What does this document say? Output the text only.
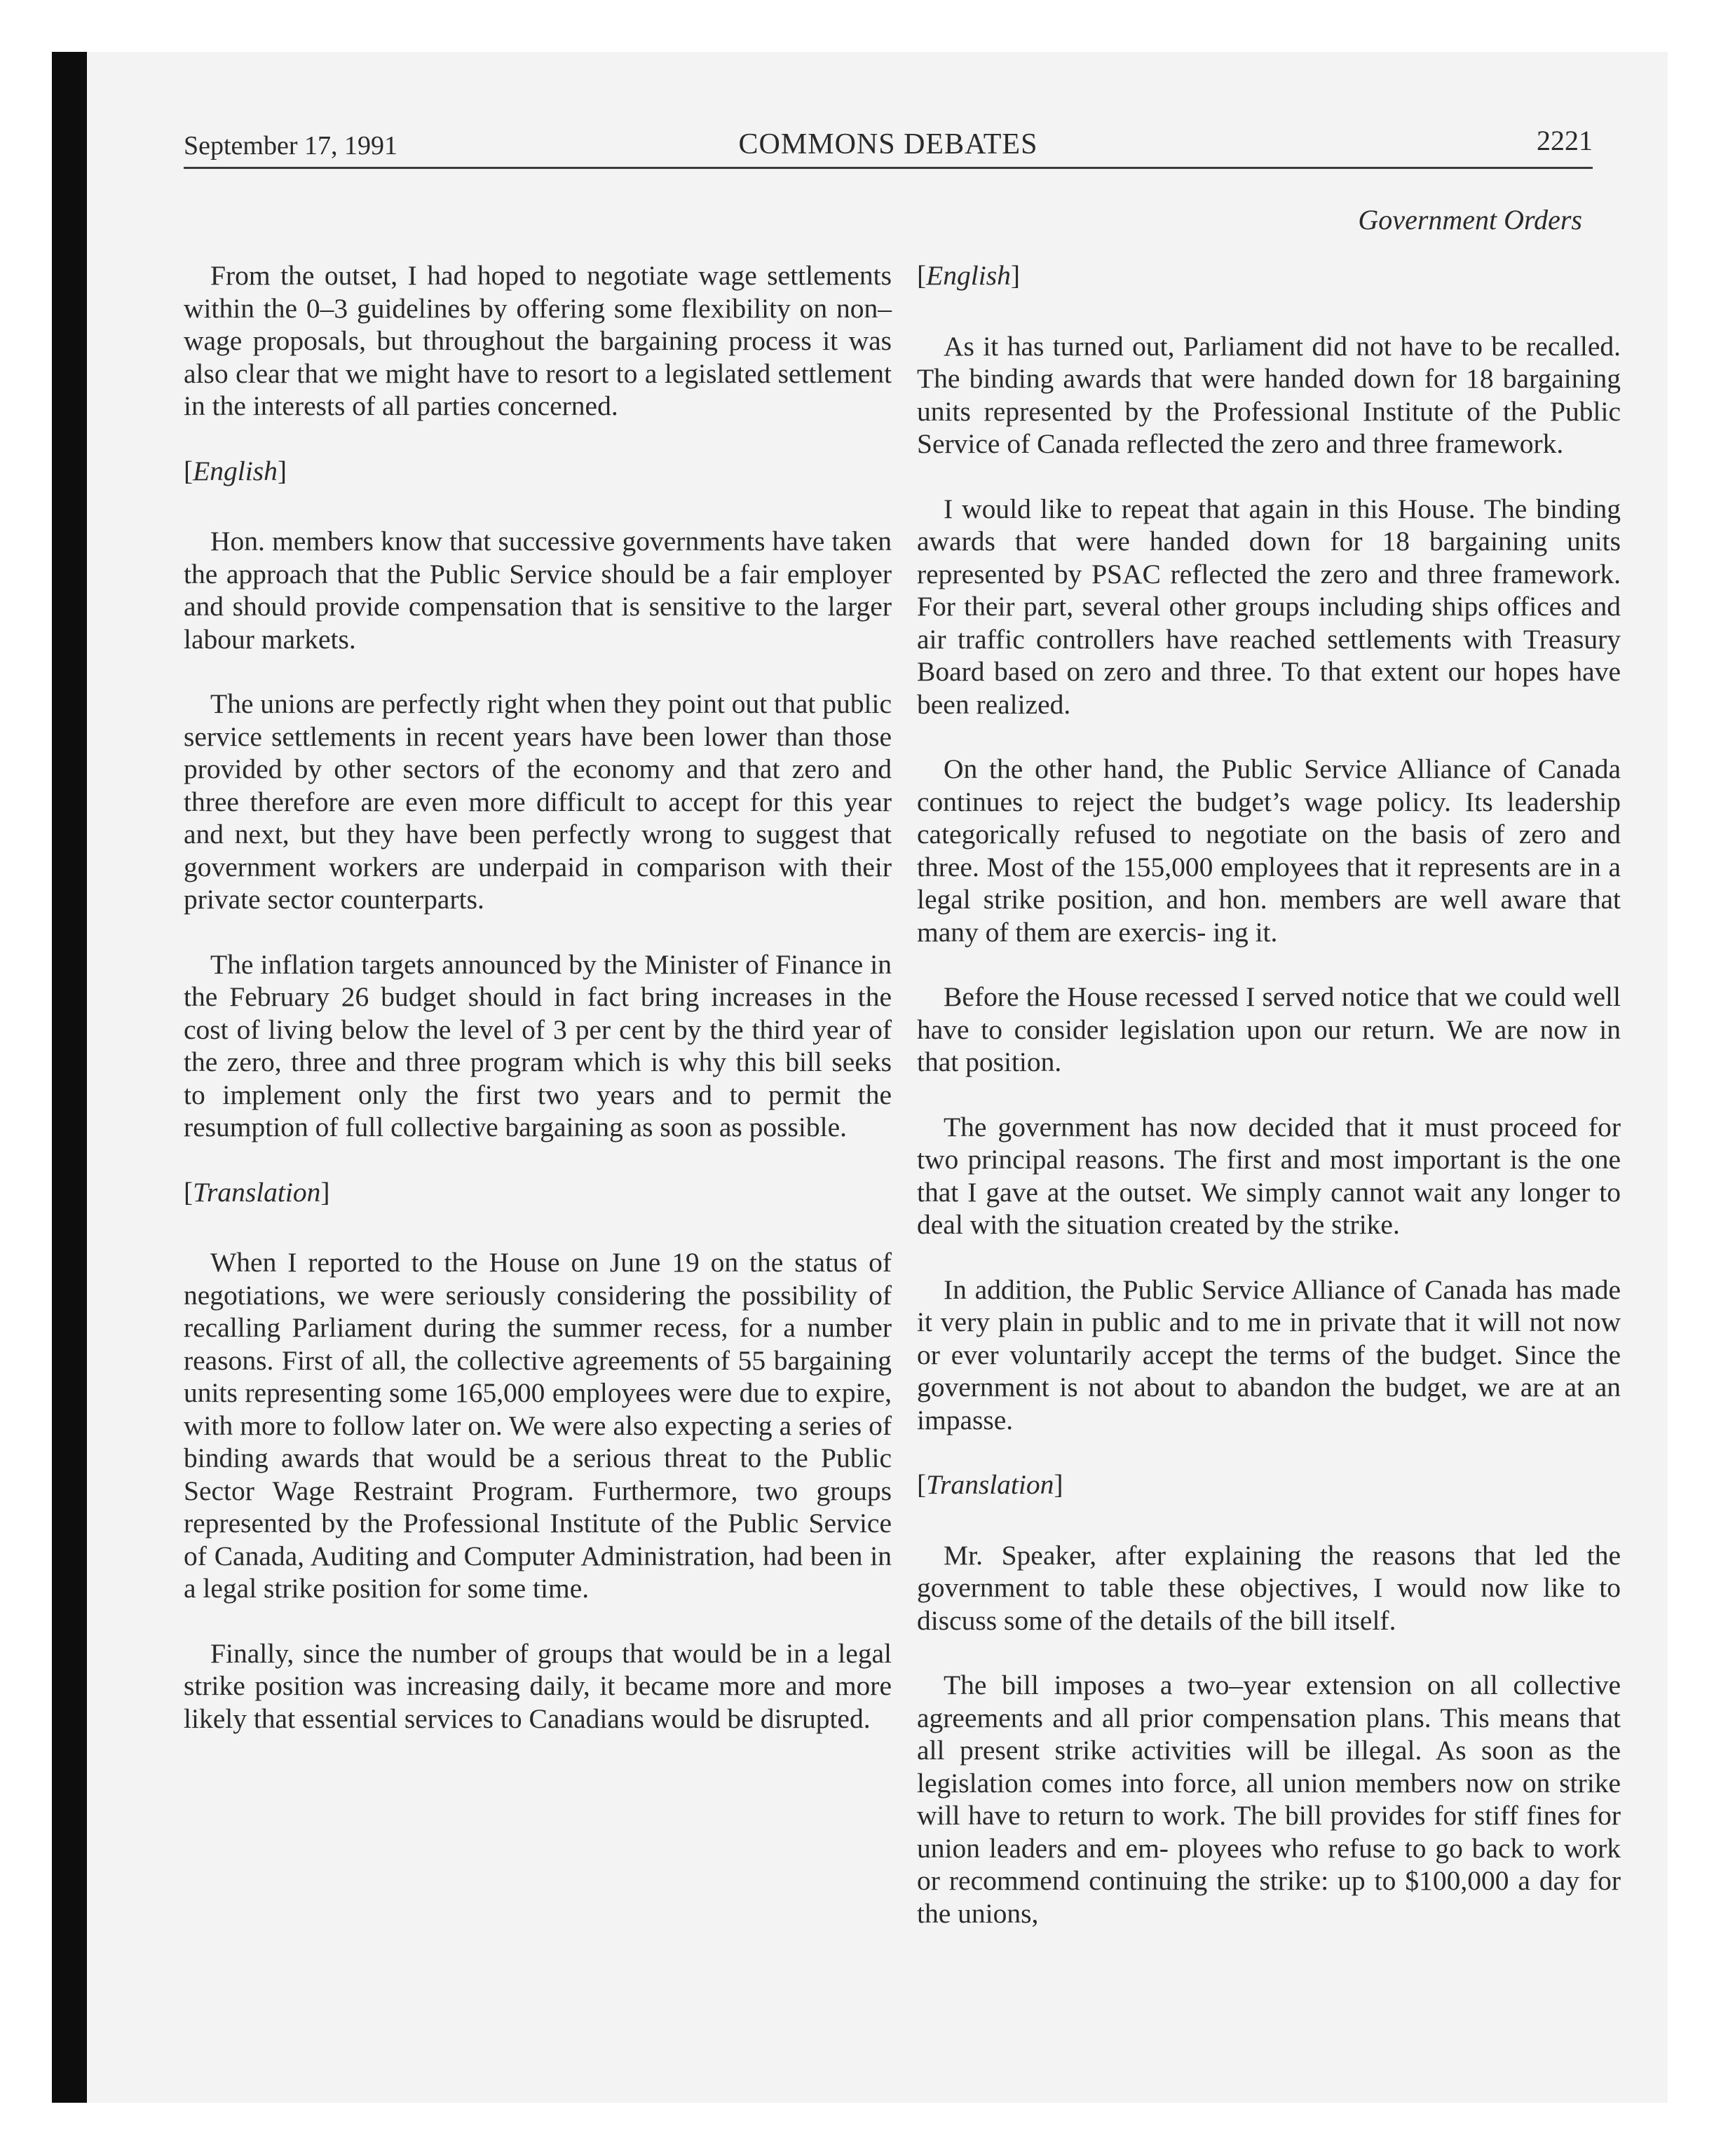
September 17, 1991	COMMONS DEBATES	2221
Government Orders

From the outset, I had hoped to negotiate wage settlements within the 0–3 guidelines by offering some flexibility on non–wage proposals, but throughout the bargaining process it was also clear that we might have to resort to a legislated settlement in the interests of all parties concerned.

[English]

Hon. members know that successive governments have taken the approach that the Public Service should be a fair employer and should provide compensation that is sensitive to the larger labour markets.

The unions are perfectly right when they point out that public service settlements in recent years have been lower than those provided by other sectors of the economy and that zero and three therefore are even more difficult to accept for this year and next, but they have been perfectly wrong to suggest that government workers are underpaid in comparison with their private sector counterparts.

The inflation targets announced by the Minister of Finance in the February 26 budget should in fact bring increases in the cost of living below the level of 3 per cent by the third year of the zero, three and three program which is why this bill seeks to implement only the first two years and to permit the resumption of full collective bargaining as soon as possible.

[Translation]

When I reported to the House on June 19 on the status of negotiations, we were seriously considering the possibility of recalling Parliament during the summer recess, for a number reasons. First of all, the collective agreements of 55 bargaining units representing some 165,000 employees were due to expire, with more to follow later on. We were also expecting a series of binding awards that would be a serious threat to the Public Sector Wage Restraint Program. Furthermore, two groups represented by the Professional Institute of the Public Service of Canada, Auditing and Computer Administration, had been in a legal strike position for some time.

Finally, since the number of groups that would be in a legal strike position was increasing daily, it became more and more likely that essential services to Canadians would be disrupted.

[English]

As it has turned out, Parliament did not have to be recalled. The binding awards that were handed down for 18 bargaining units represented by the Professional Institute of the Public Service of Canada reflected the zero and three framework.

I would like to repeat that again in this House. The binding awards that were handed down for 18 bargaining units represented by PSAC reflected the zero and three framework. For their part, several other groups including ships offices and air traffic controllers have reached settlements with Treasury Board based on zero and three. To that extent our hopes have been realized.

On the other hand, the Public Service Alliance of Canada continues to reject the budget’s wage policy. Its leadership categorically refused to negotiate on the basis of zero and three. Most of the 155,000 employees that it represents are in a legal strike position, and hon. members are well aware that many of them are exercis- ing it.

Before the House recessed I served notice that we could well have to consider legislation upon our return. We are now in that position.

The government has now decided that it must proceed for two principal reasons. The first and most important is the one that I gave at the outset. We simply cannot wait any longer to deal with the situation created by the strike.

In addition, the Public Service Alliance of Canada has made it very plain in public and to me in private that it will not now or ever voluntarily accept the terms of the budget. Since the government is not about to abandon the budget, we are at an impasse.

[Translation]

Mr. Speaker, after explaining the reasons that led the government to table these objectives, I would now like to discuss some of the details of the bill itself.

The bill imposes a two–year extension on all collective agreements and all prior compensation plans. This means that all present strike activities will be illegal. As soon as the legislation comes into force, all union members now on strike will have to return to work. The bill provides for stiff fines for union leaders and em- ployees who refuse to go back to work or recommend continuing the strike: up to $100,000 a day for the unions,
